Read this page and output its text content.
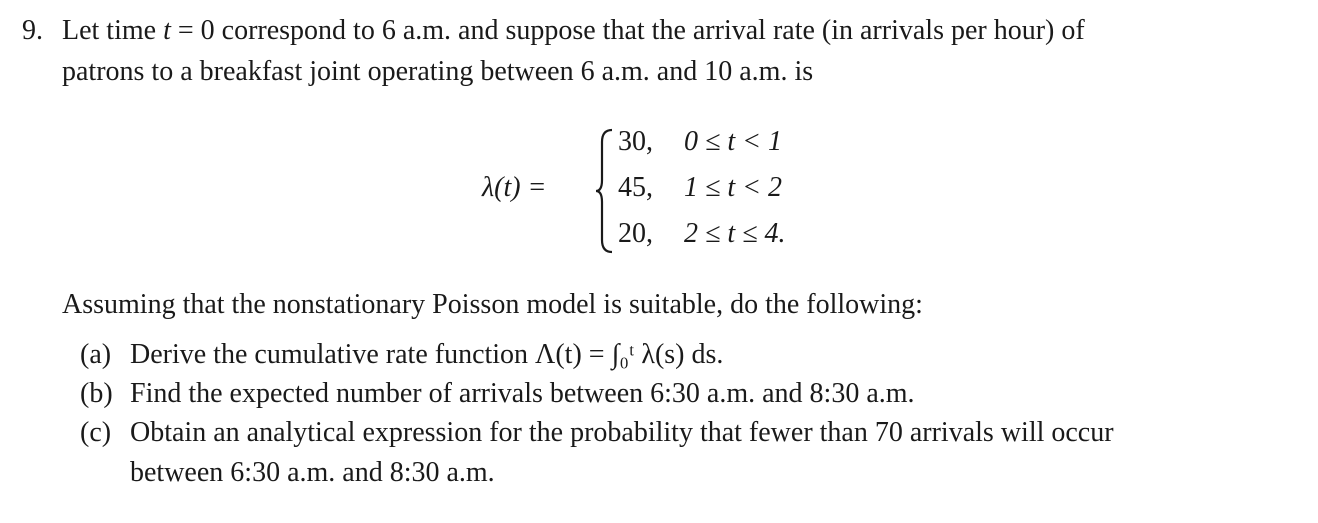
9. Let time t = 0 correspond to 6 a.m. and suppose that the arrival rate (in arrivals per hour) of
patrons to a breakfast joint operating between 6 a.m. and 10 a.m. is
λ(t) =
30, 0 ≤ t < 1
45, 1 ≤ t < 2
20, 2 ≤ t ≤ 4.
Assuming that the nonstationary Poisson model is suitable, do the following:
(a) Derive the cumulative rate function Λ(t) = ∫₀ᵗ λ(s) ds.
(b) Find the expected number of arrivals between 6:30 a.m. and 8:30 a.m.
(c) Obtain an analytical expression for the probability that fewer than 70 arrivals will occur
between 6:30 a.m. and 8:30 a.m.
